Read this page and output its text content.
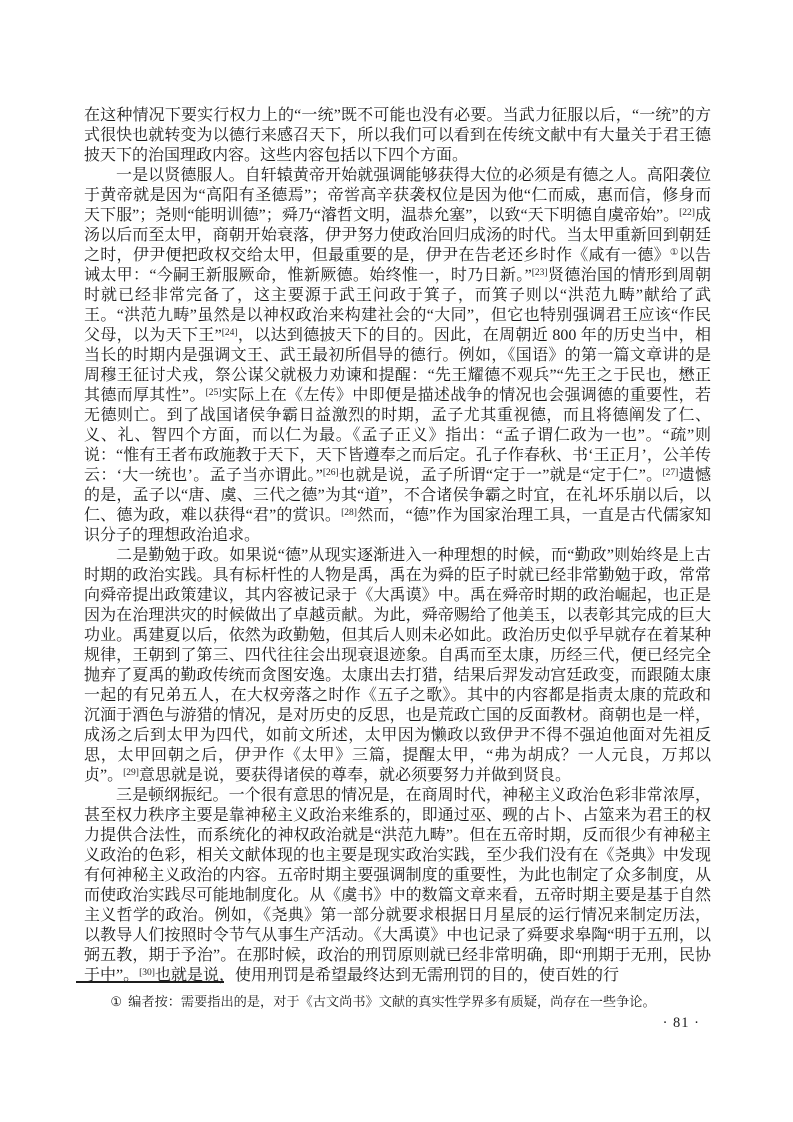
在这种情况下要实行权力上的“一统”既不可能也没有必要。当武力征服以后，“一统”的方式很快也就转变为以德行来感召天下，所以我们可以看到在传统文献中有大量关于君王德披天下的治国理政内容。这些内容包括以下四个方面。

一是以贤德服人。自轩辕黄帝开始就强调能够获得大位的必须是有德之人。高阳袭位于黄帝就是因为“高阳有圣德焉”；帝喾高辛获袭权位是因为他“仁而威，惠而信，修身而天下服”；尧则“能明训德”；舜乃“濬哲文明，温恭允塞”，以致“天下明德自虞帝始”。[22]成汤以后而至太甲，商朝开始衰落，伊尹努力使政治回归成汤的时代。当太甲重新回到朝廷之时，伊尹便把政权交给太甲，但最重要的是，伊尹在告老还乡时作《咸有一德》①以告诫太甲：“今嗣王新服厥命，惟新厥德。始终惟一，时乃日新。”[23]贤德治国的情形到周朝时就已经非常完备了，这主要源于武王问政于箕子，而箕子则以“洪范九畴”献给了武王。“洪范九畴”虽然是以神权政治来构建社会的“大同”，但它也特别强调君王应该“作民父母，以为天下王”[24]，以达到德披天下的目的。因此，在周朝近 800 年的历史当中，相当长的时期内是强调文王、武王最初所倡导的德行。例如，《国语》的第一篇文章讲的是周穆王征讨犬戎，祭公谋父就极力劝谏和提醒：“先王耀德不观兵”“先王之于民也，懋正其德而厚其性”。[25]实际上在《左传》中即便是描述战争的情况也会强调德的重要性，若无德则亡。到了战国诸侯争霸日益激烈的时期，孟子尤其重视德，而且将德阐发了仁、义、礼、智四个方面，而以仁为最。《孟子正义》指出：“孟子谓仁政为一也”。“疏”则说：“惟有王者布政施教于天下，天下皆遵奉之而后定。孔子作春秋、书‘王正月’，公羊传云：‘大一统也’。孟子当亦谓此。”[26]也就是说，孟子所谓“定于一”就是“定于仁”。[27]遗憾的是，孟子以“唐、虞、三代之德”为其“道”，不合诸侯争霸之时宜，在礼坏乐崩以后，以仁、德为政，难以获得“君”的赏识。[28]然而，“德”作为国家治理工具，一直是古代儒家知识分子的理想政治追求。

二是勤勉于政。如果说“德”从现实逐渐进入一种理想的时候，而“勤政”则始终是上古时期的政治实践。具有标杆性的人物是禹，禹在为舜的臣子时就已经非常勤勉于政，常常向舜帝提出政策建议，其内容被记录于《大禹谟》中。禹在舜帝时期的政治崛起，也正是因为在治理洪灾的时候做出了卓越贡献。为此，舜帝赐给了他美玉，以表彰其完成的巨大功业。禹建夏以后，依然为政勤勉，但其后人则未必如此。政治历史似乎早就存在着某种规律，王朝到了第三、四代往往会出现衰退迹象。自禹而至太康，历经三代，便已经完全抛弃了夏禹的勤政传统而贪图安逸。太康出去打猎，结果后羿发动宫廷政变，而跟随太康一起的有兄弟五人，在大权旁落之时作《五子之歌》。其中的内容都是指责太康的荒政和沉湎于酒色与游猎的情况，是对历史的反思，也是荒政亡国的反面教材。商朝也是一样，成汤之后到太甲为四代，如前文所述，太甲因为懒政以致伊尹不得不强迫他面对先祖反思，太甲回朝之后，伊尹作《太甲》三篇，提醒太甲，“弗为胡成？一人元良，万邦以贞”。[29]意思就是说，要获得诸侯的尊奉，就必须要努力并做到贤良。

三是顿纲振纪。一个很有意思的情况是，在商周时代，神秘主义政治色彩非常浓厚，甚至权力秩序主要是靠神秘主义政治来维系的，即通过巫、觋的占卜、占筮来为君王的权力提供合法性，而系统化的神权政治就是“洪范九畴”。但在五帝时期，反而很少有神秘主义政治的色彩，相关文献体现的也主要是现实政治实践，至少我们没有在《尧典》中发现有何神秘主义政治的内容。五帝时期主要强调制度的重要性，为此也制定了众多制度，从而使政治实践尽可能地制度化。从《虞书》中的数篇文章来看，五帝时期主要是基于自然主义哲学的政治。例如，《尧典》第一部分就要求根据日月星辰的运行情况来制定历法，以教导人们按照时令节气从事生产活动。《大禹谟》中也记录了舜要求皋陶“明于五刑，以弼五教，期于予治”。在那时候，政治的刑罚原则就已经非常明确，即“刑期于无刑，民协于中”。[30]也就是说，使用刑罚是希望最终达到无需刑罚的目的，使百姓的行

① 编者按：需要指出的是，对于《古文尚书》文献的真实性学界多有质疑，尚存在一些争论。
· 81 ·
